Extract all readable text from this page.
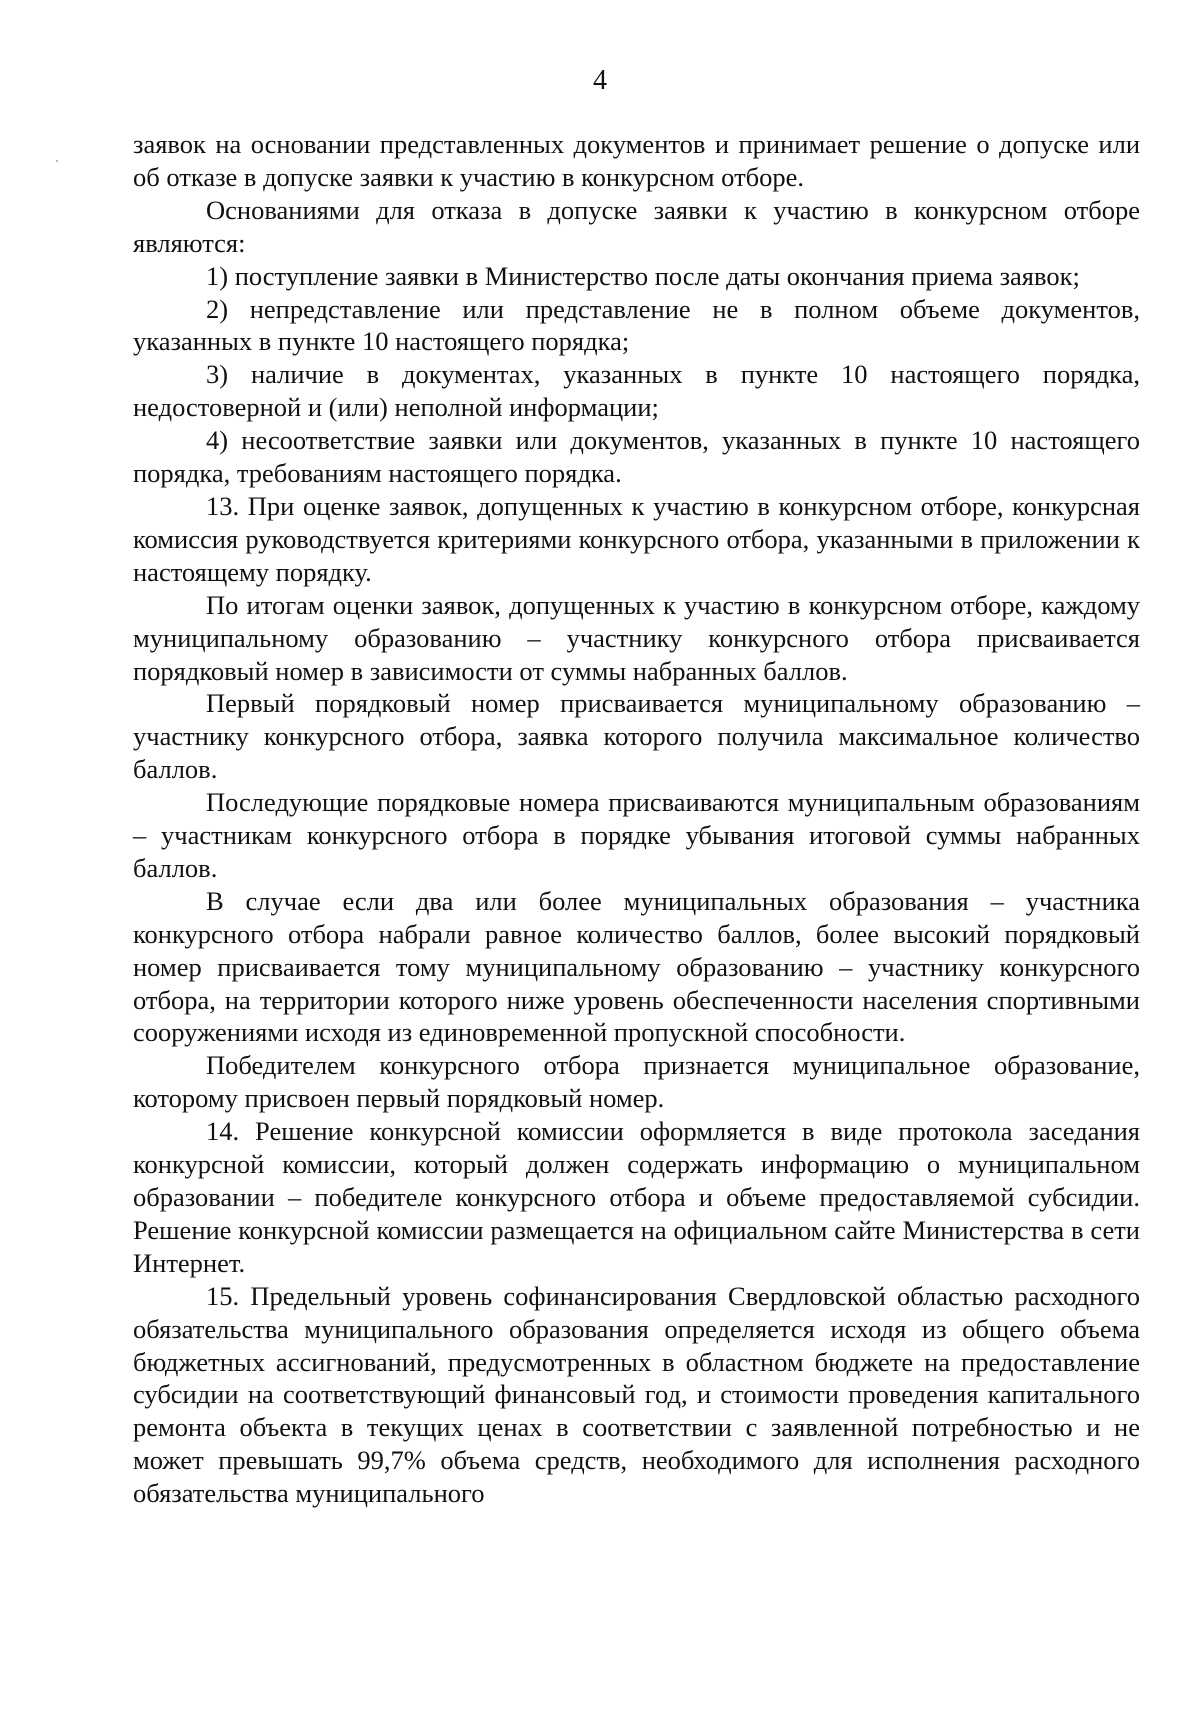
4

заявок на основании представленных документов и принимает решение о допуске или об отказе в допуске заявки к участию в конкурсном отборе.

Основаниями для отказа в допуске заявки к участию в конкурсном отборе являются:

1) поступление заявки в Министерство после даты окончания приема заявок;

2) непредставление или представление не в полном объеме документов, указанных в пункте 10 настоящего порядка;

3) наличие в документах, указанных в пункте 10 настоящего порядка, недостоверной и (или) неполной информации;

4) несоответствие заявки или документов, указанных в пункте 10 настоящего порядка, требованиям настоящего порядка.

13. При оценке заявок, допущенных к участию в конкурсном отборе, конкурсная комиссия руководствуется критериями конкурсного отбора, указанными в приложении к настоящему порядку.

По итогам оценки заявок, допущенных к участию в конкурсном отборе, каждому муниципальному образованию – участнику конкурсного отбора присваивается порядковый номер в зависимости от суммы набранных баллов.

Первый порядковый номер присваивается муниципальному образованию – участнику конкурсного отбора, заявка которого получила максимальное количество баллов.

Последующие порядковые номера присваиваются муниципальным образованиям – участникам конкурсного отбора в порядке убывания итоговой суммы набранных баллов.

В случае если два или более муниципальных образования – участника конкурсного отбора набрали равное количество баллов, более высокий порядковый номер присваивается тому муниципальному образованию – участнику конкурсного отбора, на территории которого ниже уровень обеспеченности населения спортивными сооружениями исходя из единовременной пропускной способности.

Победителем конкурсного отбора признается муниципальное образование, которому присвоен первый порядковый номер.

14. Решение конкурсной комиссии оформляется в виде протокола заседания конкурсной комиссии, который должен содержать информацию о муниципальном образовании – победителе конкурсного отбора и объеме предоставляемой субсидии. Решение конкурсной комиссии размещается на официальном сайте Министерства в сети Интернет.

15. Предельный уровень софинансирования Свердловской областью расходного обязательства муниципального образования определяется исходя из общего объема бюджетных ассигнований, предусмотренных в областном бюджете на предоставление субсидии на соответствующий финансовый год, и стоимости проведения капитального ремонта объекта в текущих ценах в соответствии с заявленной потребностью и не может превышать 99,7% объема средств, необходимого для исполнения расходного обязательства муниципального
